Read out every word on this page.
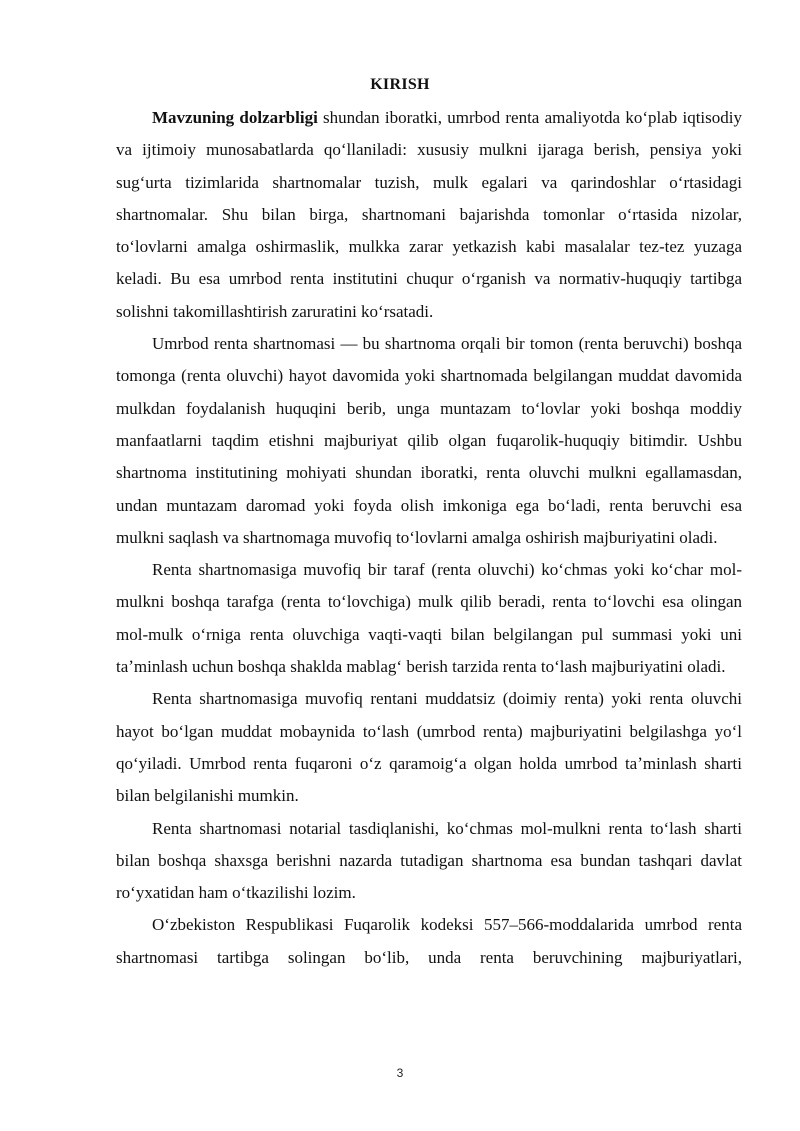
KIRISH

Mavzuning dolzarbligi shundan iboratki, umrbod renta amaliyotda koʻplab iqtisodiy va ijtimoiy munosabatlarda qoʻllaniladi: xususiy mulkni ijaraga berish, pensiya yoki sugʻurta tizimlarida shartnomalar tuzish, mulk egalari va qarindoshlar oʻrtasidagi shartnomalar. Shu bilan birga, shartnomani bajarishda tomonlar oʻrtasida nizolar, toʻlovlarni amalga oshirmaslik, mulkka zarar yetkazish kabi masalalar tez-tez yuzaga keladi. Bu esa umrbod renta institutini chuqur oʻrganish va normativ-huquqiy tartibga solishni takomillashtirish zaruratini koʻrsatadi.

Umrbod renta shartnomasi — bu shartnoma orqali bir tomon (renta beruvchi) boshqa tomonga (renta oluvchi) hayot davomida yoki shartnomada belgilangan muddat davomida mulkdan foydalanish huquqini berib, unga muntazam toʻlovlar yoki boshqa moddiy manfaatlarni taqdim etishni majburiyat qilib olgan fuqarolik-huquqiy bitimdir. Ushbu shartnoma institutining mohiyati shundan iboratki, renta oluvchi mulkni egallamasdan, undan muntazam daromad yoki foyda olish imkoniga ega boʻladi, renta beruvchi esa mulkni saqlash va shartnomaga muvofiq toʻlovlarni amalga oshirish majburiyatini oladi.

Renta shartnomasiga muvofiq bir taraf (renta oluvchi) koʻchmas yoki koʻchar mol-mulkni boshqa tarafga (renta toʻlovchiga) mulk qilib beradi, renta toʻlovchi esa olingan mol-mulk oʻrniga renta oluvchiga vaqti-vaqti bilan belgilangan pul summasi yoki uni taʼminlash uchun boshqa shaklda mablagʻ berish tarzida renta toʻlash majburiyatini oladi.

Renta shartnomasiga muvofiq rentani muddatsiz (doimiy renta) yoki renta oluvchi hayot boʻlgan muddat mobaynida toʻlash (umrbod renta) majburiyatini belgilashga yoʻl qoʻyiladi. Umrbod renta fuqaroni oʻz qaramoigʻa olgan holda umrbod taʼminlash sharti bilan belgilanishi mumkin.

Renta shartnomasi notarial tasdiqlanishi, koʻchmas mol-mulkni renta toʻlash sharti bilan boshqa shaxsga berishni nazarda tutadigan shartnoma esa bundan tashqari davlat roʻyxatidan ham oʻtkazilishi lozim.

Oʻzbekiston Respublikasi Fuqarolik kodeksi 557–566-moddalarida umrbod renta shartnomasi tartibga solingan boʻlib, unda renta beruvchining majburiyatlari,

3
